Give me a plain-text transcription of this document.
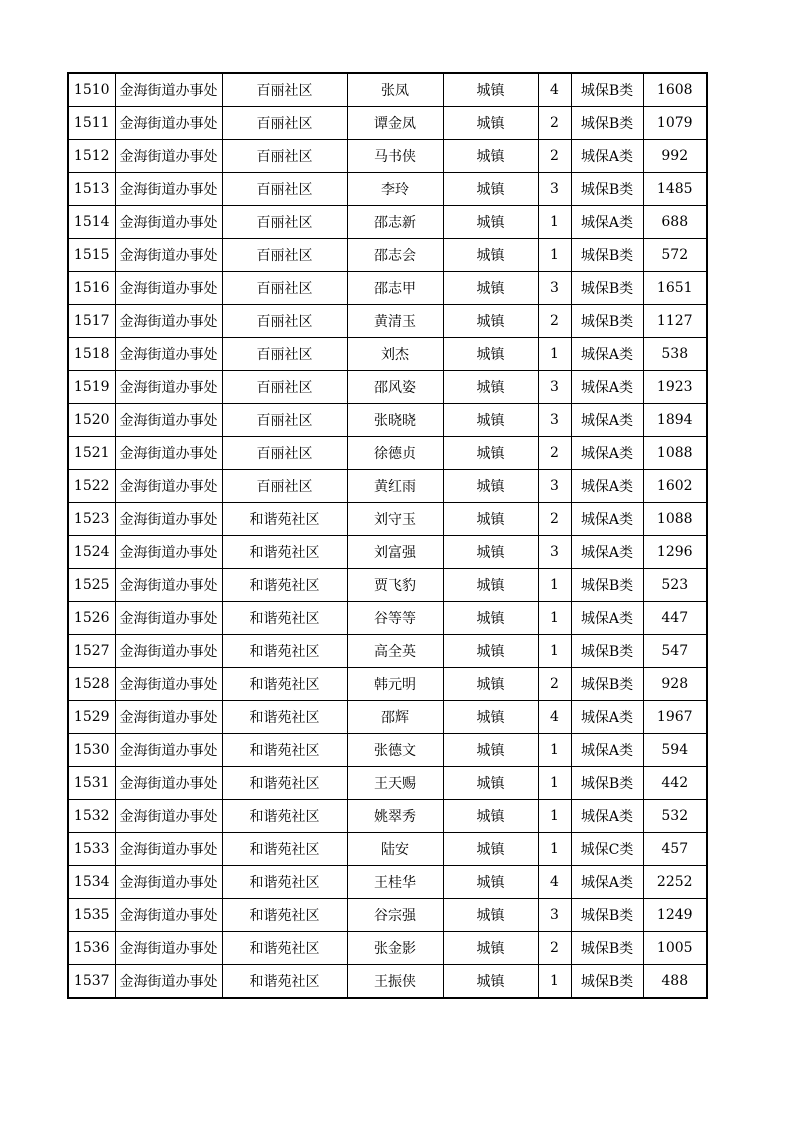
1510	金海街道办事处	百丽社区	张凤	城镇	4	城保B类	1608
1511	金海街道办事处	百丽社区	谭金凤	城镇	2	城保B类	1079
1512	金海街道办事处	百丽社区	马书侠	城镇	2	城保A类	992
1513	金海街道办事处	百丽社区	李玲	城镇	3	城保B类	1485
1514	金海街道办事处	百丽社区	邵志新	城镇	1	城保A类	688
1515	金海街道办事处	百丽社区	邵志会	城镇	1	城保B类	572
1516	金海街道办事处	百丽社区	邵志甲	城镇	3	城保B类	1651
1517	金海街道办事处	百丽社区	黄清玉	城镇	2	城保B类	1127
1518	金海街道办事处	百丽社区	刘杰	城镇	1	城保A类	538
1519	金海街道办事处	百丽社区	邵风姿	城镇	3	城保A类	1923
1520	金海街道办事处	百丽社区	张晓晓	城镇	3	城保A类	1894
1521	金海街道办事处	百丽社区	徐德贞	城镇	2	城保A类	1088
1522	金海街道办事处	百丽社区	黄红雨	城镇	3	城保A类	1602
1523	金海街道办事处	和谐苑社区	刘守玉	城镇	2	城保A类	1088
1524	金海街道办事处	和谐苑社区	刘富强	城镇	3	城保A类	1296
1525	金海街道办事处	和谐苑社区	贾飞豹	城镇	1	城保B类	523
1526	金海街道办事处	和谐苑社区	谷等等	城镇	1	城保A类	447
1527	金海街道办事处	和谐苑社区	高全英	城镇	1	城保B类	547
1528	金海街道办事处	和谐苑社区	韩元明	城镇	2	城保B类	928
1529	金海街道办事处	和谐苑社区	邵辉	城镇	4	城保A类	1967
1530	金海街道办事处	和谐苑社区	张德文	城镇	1	城保A类	594
1531	金海街道办事处	和谐苑社区	王天赐	城镇	1	城保B类	442
1532	金海街道办事处	和谐苑社区	姚翠秀	城镇	1	城保A类	532
1533	金海街道办事处	和谐苑社区	陆安	城镇	1	城保C类	457
1534	金海街道办事处	和谐苑社区	王桂华	城镇	4	城保A类	2252
1535	金海街道办事处	和谐苑社区	谷宗强	城镇	3	城保B类	1249
1536	金海街道办事处	和谐苑社区	张金影	城镇	2	城保B类	1005
1537	金海街道办事处	和谐苑社区	王振侠	城镇	1	城保B类	488
